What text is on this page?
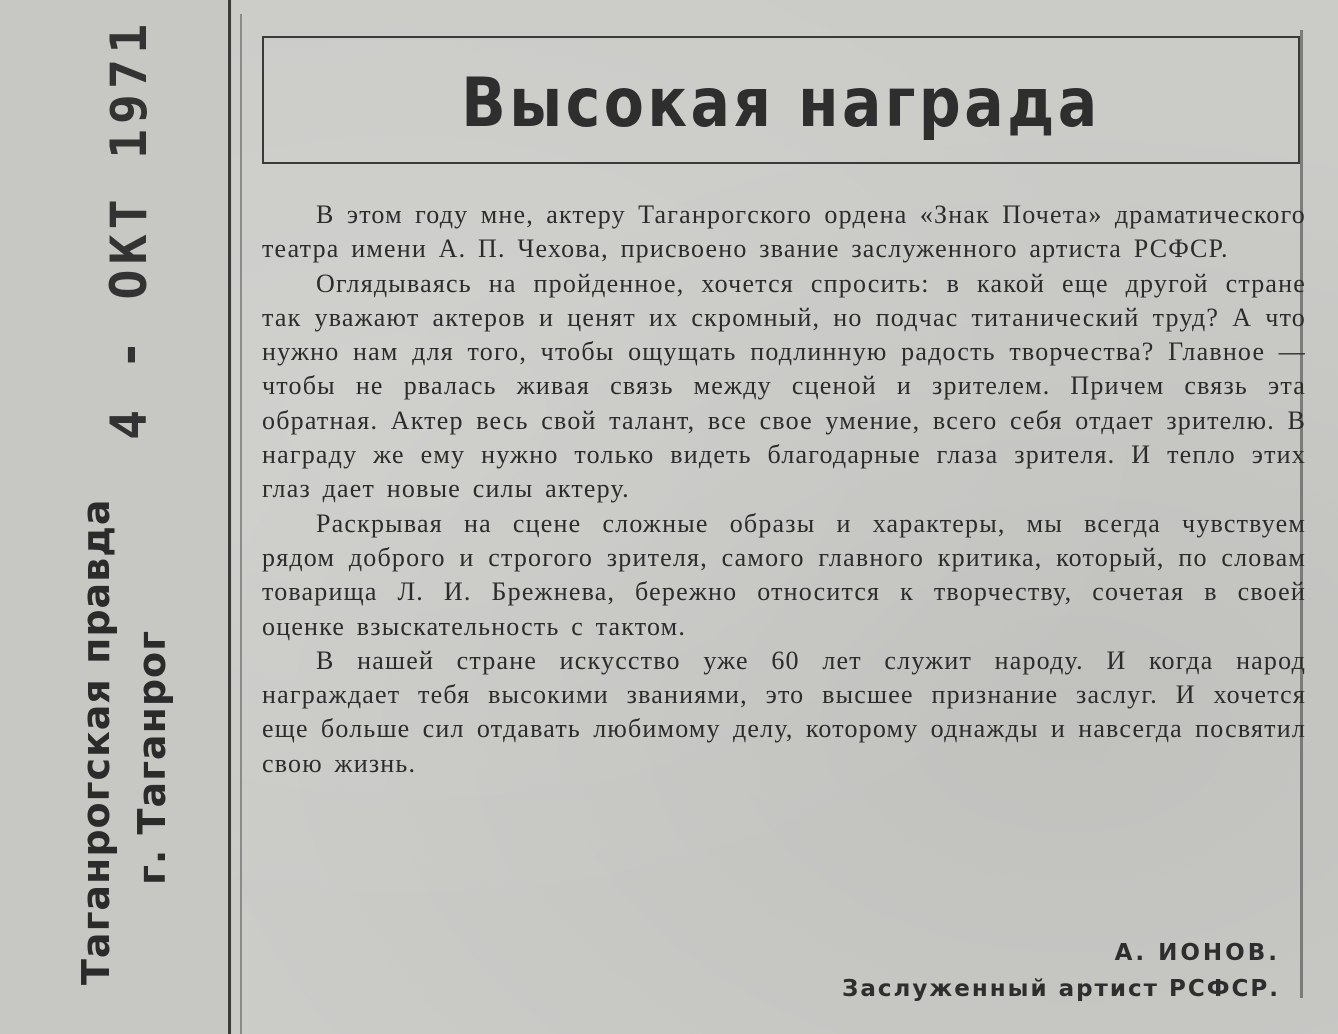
4 - ОКТ 1971
Таганрогская правда г. Таганрог
Высокая награда

В этом году мне, актеру Таганрогского ордена «Знак Почета» драматического театра имени А. П. Чехова, присвоено звание заслуженного артиста РСФСР.

Оглядываясь на пройденное, хочется спросить: в какой еще другой стране так уважают актеров и ценят их скромный, но подчас титанический труд? А что нужно нам для того, чтобы ощущать подлинную радость творчества? Главное — чтобы не рвалась живая связь между сценой и зрителем. Причем связь эта обратная. Актер весь свой талант, все свое умение, всего себя отдает зрителю. В награду же ему нужно только видеть благодарные глаза зрителя. И тепло этих глаз дает новые силы актеру.

Раскрывая на сцене сложные образы и характеры, мы всегда чувствуем рядом доброго и строгого зрителя, самого главного критика, который, по словам товарища Л. И. Брежнева, бережно относится к творчеству, сочетая в своей оценке взыскательность с тактом.

В нашей стране искусство уже 60 лет служит народу. И когда народ награждает тебя высокими званиями, это высшее признание заслуг. И хочется еще больше сил отдавать любимому делу, которому однажды и навсегда посвятил свою жизнь.

А. ИОНОВ.
Заслуженный артист РСФСР.
